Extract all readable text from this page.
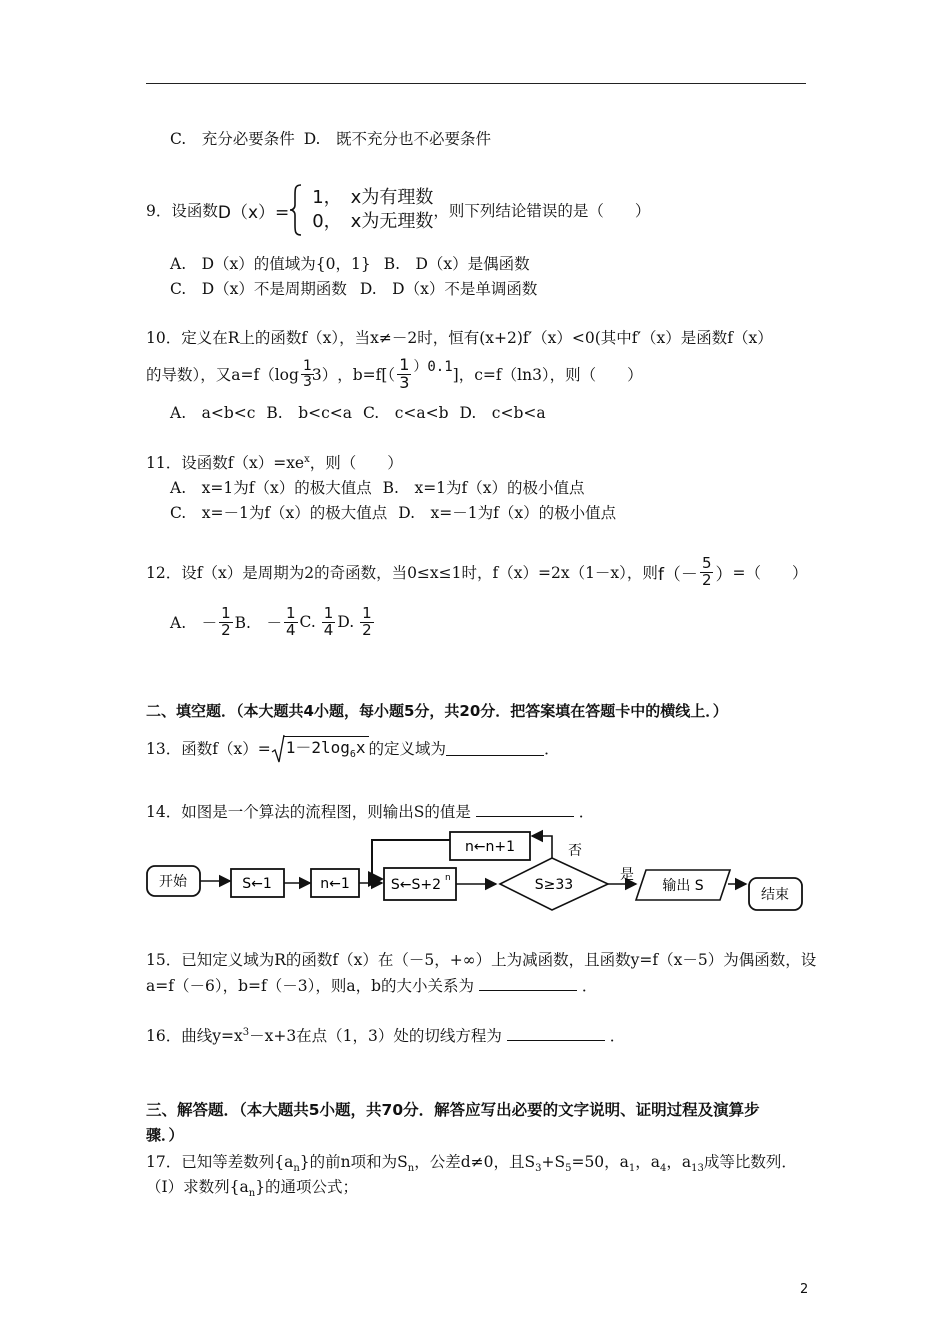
C.　充分必要条件 D.　既不充分也不必要条件
9．设函数 D（x）=

1，　x为有理数
0，　x为无理数 ，则下列结论错误的是（　　）
A.　D（x）的值域为{0，1} B.　D（x）是偶函数
C.　D（x）不是周期函数 D.　D（x）不是单调函数
10．定义在R上的函数f（x），当x≠－2时，恒有(x+2)f′（x）<0(其中f′（x）是函数f（x）
的导数），又$a=f(\log \frac{1}{3}$
3） ，$b=f[( \frac{1}{3} )0.1$ ]，c=f（ln3），则（　　）
A.　a<b<c B.　b<c<a C.　c<a<b D.　c<b<a
11．设函数$f(x)=xe^x$，则（　　）
A.　x=1为f（x）的极大值点 B.　x=1为f（x）的极小值点
C.　x=－1为f（x）的极大值点 D.　x=－1为f（x）的极小值点
12．设f（x）是周期为2的奇函数，当0≤x≤1时，f（x）=2x（1－x），则 $f(- \frac{5}{2}$ ） =（　　）
A.　－ $\frac{1}{2} B$.　－ $\frac{1}{4} C$. $\frac{1}{4} D$. $\frac{1}{2}$
二、填空题．（本大题共4小题，每小题5分，共20分．把答案填在答题卡中的横线上．）
13．函数$f(x)= 1-2\log_6x$ 的定义域为	．
14．如图是一个算法的流程图，则输出S的值是	．
开始	S←1	n←1	S←S+2 n	S≥33
否
n←n+1
是
输出 S
结束
15．已知定义域为R的函数f（x）在（－5，+∞）上为减函数，且函数y=f（x－5）为偶函数，设
a=f（－6），b=f（－3），则a，b的大小关系为	．
16．曲线$y=x^3-x+3$在点（1，3）处的切线方程为	．
三、解答题．（本大题共5小题，共70分．解答应写出必要的文字说明、证明过程及演算步
骤．）
17．已知等差数列$\{a_n\}$的前n项和为$S_n$，公差d≠0，且$S_3+S_5=50$，$a_1$，$a_4$，$a_{13}$成等比数列．
（Ⅰ）求数列$\{a_n\}$的通项公式；
2
